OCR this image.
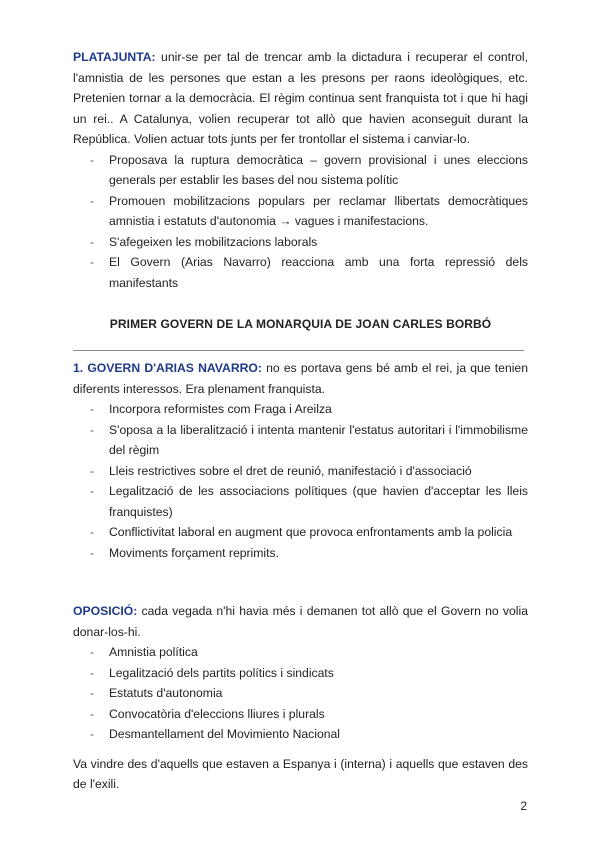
PLATAJUNTA: unir-se per tal de trencar amb la dictadura i recuperar el control, l'amnistia de les persones que estan a les presons per raons ideològiques, etc. Pretenien tornar a la democràcia. El règim continua sent franquista tot i que hi hagi un rei.. A Catalunya, volien recuperar tot allò que havien aconseguit durant la República. Volien actuar tots junts per fer trontollar el sistema i canviar-lo.

- Proposava la ruptura democràtica – govern provisional i unes eleccions generals per establir les bases del nou sistema polític
- Promouen mobilitzacions populars per reclamar llibertats democràtiques amnistia i estatuts d'autonomia → vagues i manifestacions.
- S'afegeixen les mobilitzacions laborals
- El Govern (Arias Navarro) reacciona amb una forta repressió dels manifestants
PRIMER GOVERN DE LA MONARQUIA DE JOAN CARLES BORBÓ

1. GOVERN D'ARIAS NAVARRO: no es portava gens bé amb el rei, ja que tenien diferents interessos. Era plenament franquista.

- Incorpora reformistes com Fraga i Areilza
- S'oposa a la liberalització i intenta mantenir l'estatus autoritari i l'immobilisme del règim
- Lleis restrictives sobre el dret de reunió, manifestació i d'associació
- Legalització de les associacions polítiques (que havien d'acceptar les lleis franquistes)
- Conflictivitat laboral en augment que provoca enfrontaments amb la policia
- Moviments forçament reprimits.

OPOSICIÓ: cada vegada n'hi havia més i demanen tot allò que el Govern no volia donar-los-hi.

- Amnistia política
- Legalització dels partits polítics i sindicats
- Estatuts d'autonomia
- Convocatòria d'eleccions lliures i plurals
- Desmantellament del Movimiento Nacional

Va vindre des d'aquells que estaven a Espanya i (interna) i aquells que estaven des de l'exili.

2
